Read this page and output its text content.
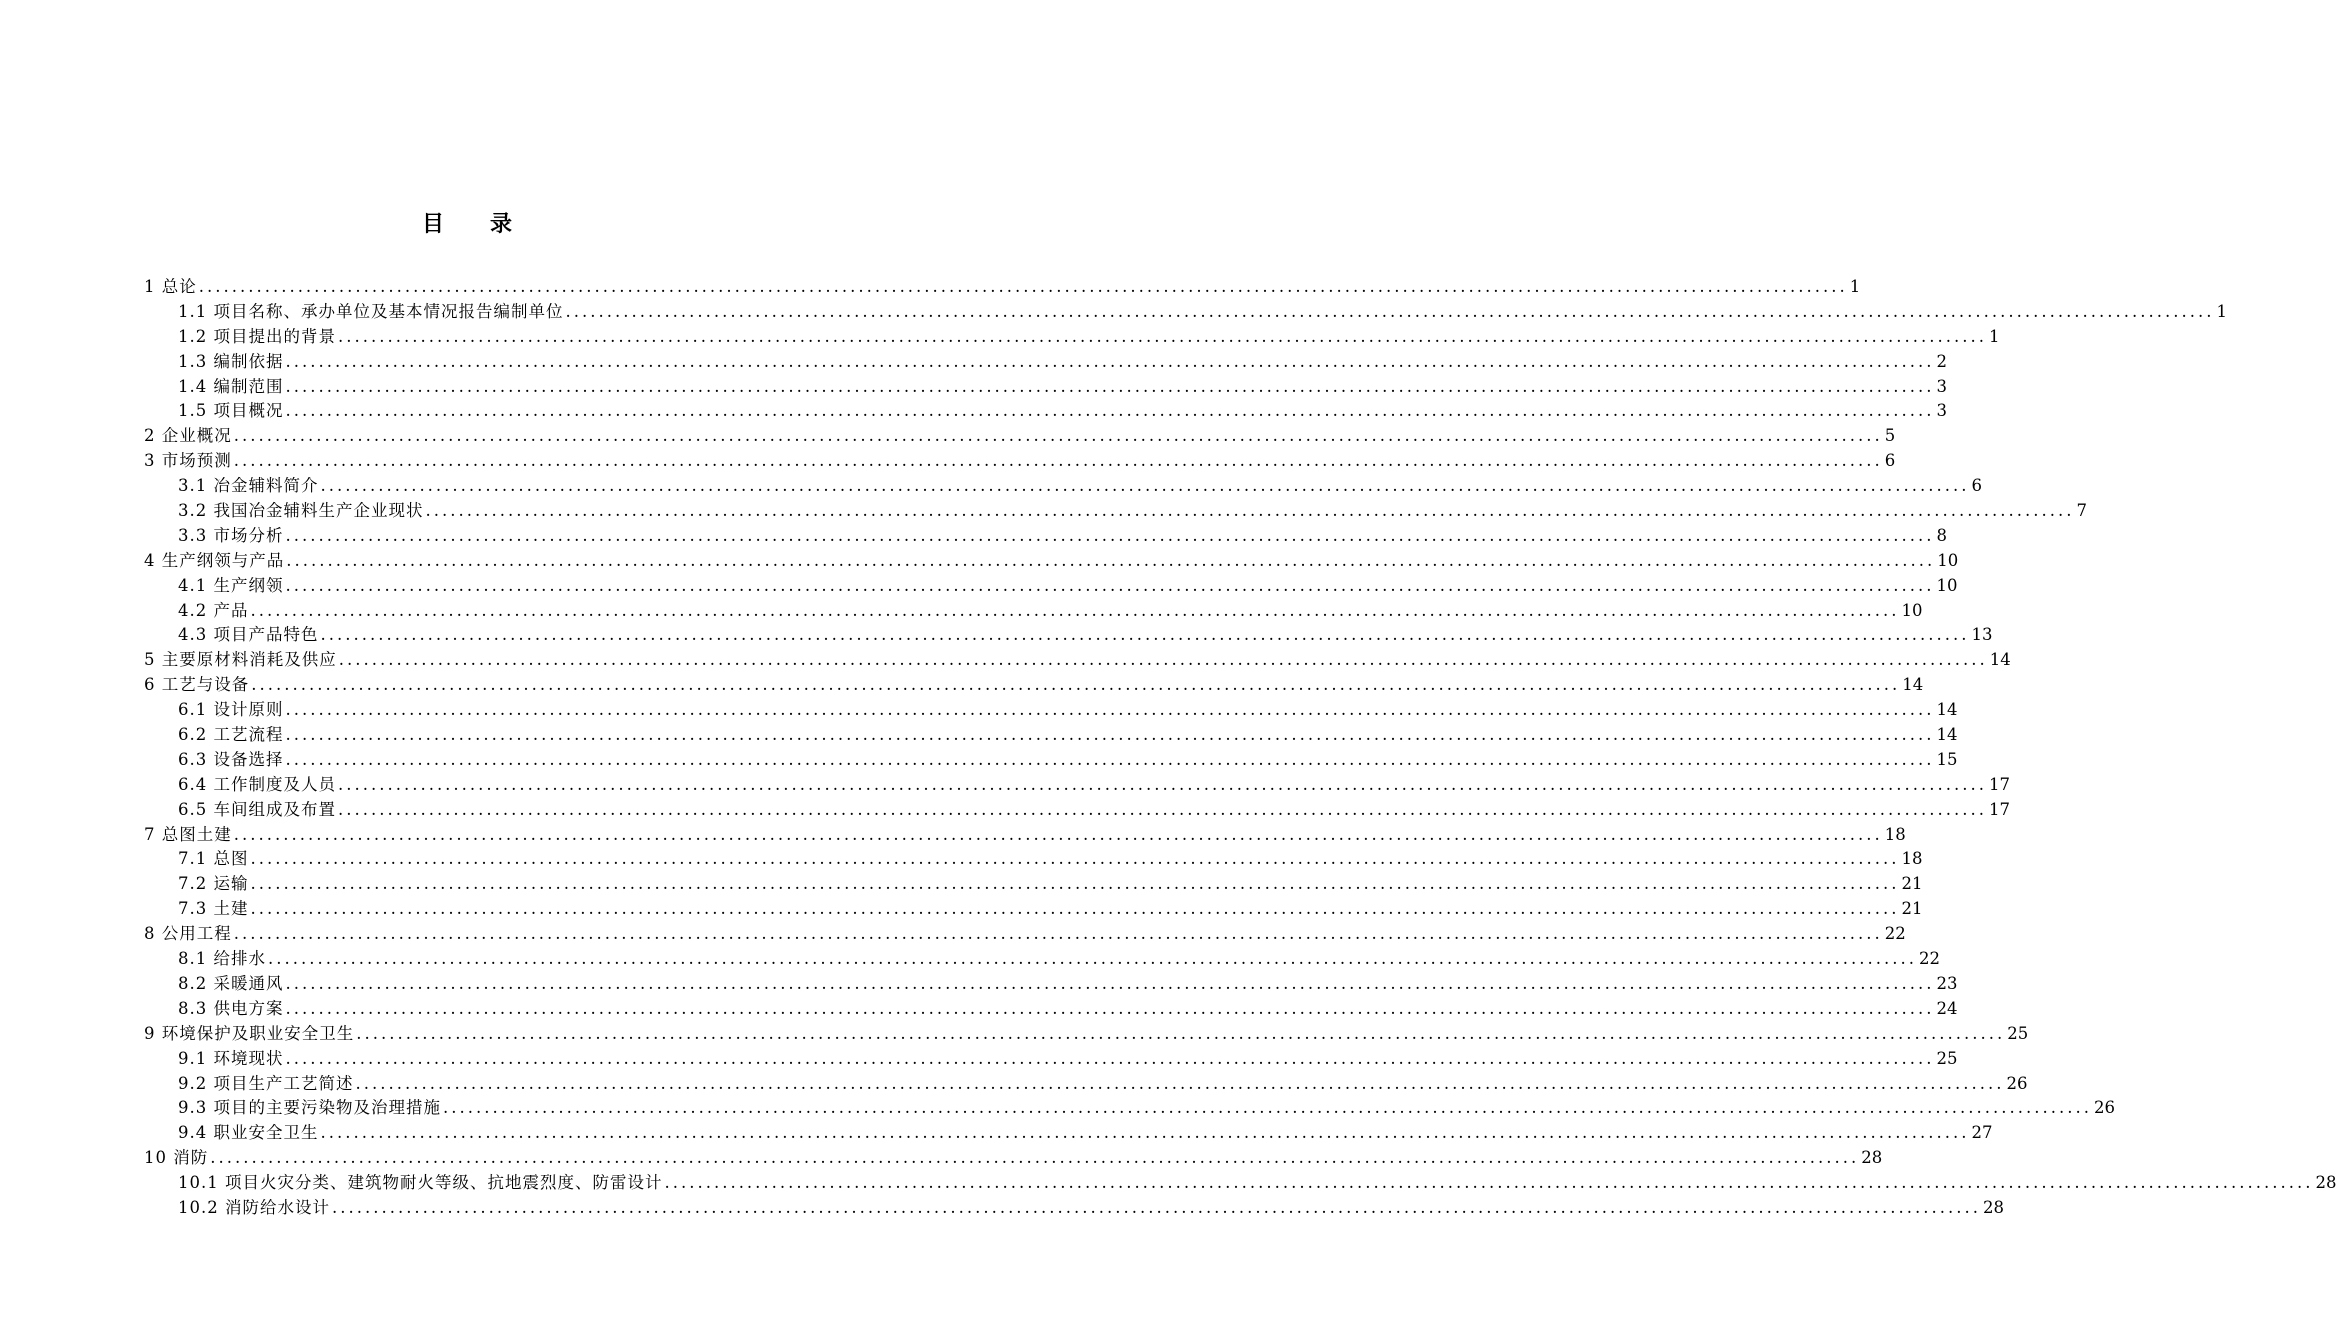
目录
1 总论 ........................................................................................................................................................................................................ 1
1.1 项目名称、承办单位及基本情况报告编制单位 ........................................................................................................................................................................................................ 1
1.2 项目提出的背景 ........................................................................................................................................................................................................ 1
1.3 编制依据 ........................................................................................................................................................................................................ 2
1.4 编制范围 ........................................................................................................................................................................................................ 3
1.5 项目概况 ........................................................................................................................................................................................................ 3
2 企业概况 ........................................................................................................................................................................................................ 5
3 市场预测 ........................................................................................................................................................................................................ 6
3.1 冶金辅料简介 ........................................................................................................................................................................................................ 6
3.2 我国冶金辅料生产企业现状 ........................................................................................................................................................................................................ 7
3.3 市场分析 ........................................................................................................................................................................................................ 8
4 生产纲领与产品 ........................................................................................................................................................................................................ 10
4.1 生产纲领 ........................................................................................................................................................................................................ 10
4.2 产品 ........................................................................................................................................................................................................ 10
4.3 项目产品特色 ........................................................................................................................................................................................................ 13
5 主要原材料消耗及供应 ........................................................................................................................................................................................................ 14
6 工艺与设备 ........................................................................................................................................................................................................ 14
6.1 设计原则 ........................................................................................................................................................................................................ 14
6.2 工艺流程 ........................................................................................................................................................................................................ 14
6.3 设备选择 ........................................................................................................................................................................................................ 15
6.4 工作制度及人员 ........................................................................................................................................................................................................ 17
6.5 车间组成及布置 ........................................................................................................................................................................................................ 17
7 总图土建 ........................................................................................................................................................................................................ 18
7.1 总图 ........................................................................................................................................................................................................ 18
7.2 运输 ........................................................................................................................................................................................................ 21
7.3 土建 ........................................................................................................................................................................................................ 21
8 公用工程 ........................................................................................................................................................................................................ 22
8.1 给排水 ........................................................................................................................................................................................................ 22
8.2 采暖通风 ........................................................................................................................................................................................................ 23
8.3 供电方案 ........................................................................................................................................................................................................ 24
9 环境保护及职业安全卫生 ........................................................................................................................................................................................................ 25
9.1 环境现状 ........................................................................................................................................................................................................ 25
9.2 项目生产工艺简述 ........................................................................................................................................................................................................ 26
9.3 项目的主要污染物及治理措施 ........................................................................................................................................................................................................ 26
9.4 职业安全卫生 ........................................................................................................................................................................................................ 27
10 消防 ........................................................................................................................................................................................................ 28
10.1 项目火灾分类、建筑物耐火等级、抗地震烈度、防雷设计 ........................................................................................................................................................................................................ 28
10.2 消防给水设计 ........................................................................................................................................................................................................ 28
